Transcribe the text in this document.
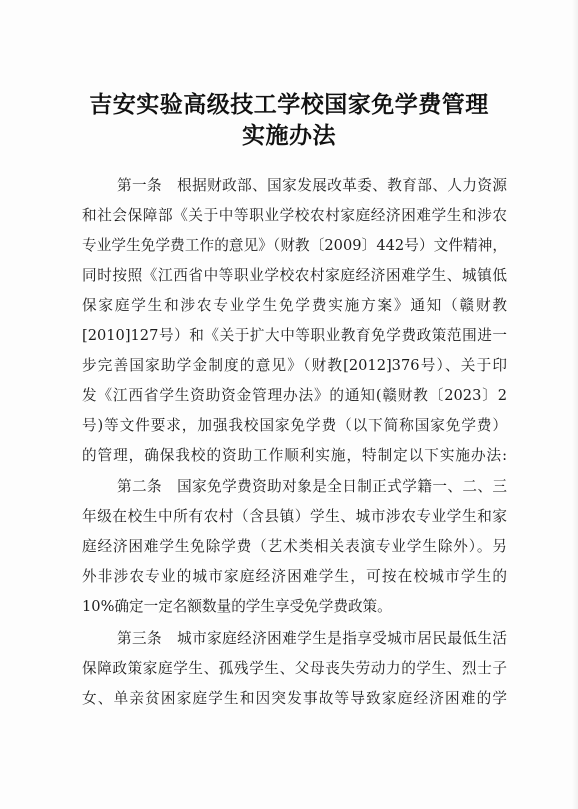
吉安实验高级技工学校国家免学费管理
实施办法
第一条　根据财政部、国家发展改革委、教育部、人力资源
和社会保障部《关于中等职业学校农村家庭经济困难学生和涉农
专业学生免学费工作的意见》（财教〔2009〕442号）文件精神，
同时按照《江西省中等职业学校农村家庭经济困难学生、城镇低
保家庭学生和涉农专业学生免学费实施方案》通知（赣财教
[2010]127号）和《关于扩大中等职业教育免学费政策范围进一
步完善国家助学金制度的意见》（财教[2012]376号）、关于印
发《江西省学生资助资金管理办法》的通知(赣财教〔2023〕2
号)等文件要求，加强我校国家免学费（以下简称国家免学费）
的管理，确保我校的资助工作顺利实施，特制定以下实施办法:
第二条　国家免学费资助对象是全日制正式学籍一、二、三
年级在校生中所有农村（含县镇）学生、城市涉农专业学生和家
庭经济困难学生免除学费（艺术类相关表演专业学生除外）。另
外非涉农专业的城市家庭经济困难学生，可按在校城市学生的
10%确定一定名额数量的学生享受免学费政策。
第三条　城市家庭经济困难学生是指享受城市居民最低生活
保障政策家庭学生、孤残学生、父母丧失劳动力的学生、烈士子
女、单亲贫困家庭学生和因突发事故等导致家庭经济困难的学
